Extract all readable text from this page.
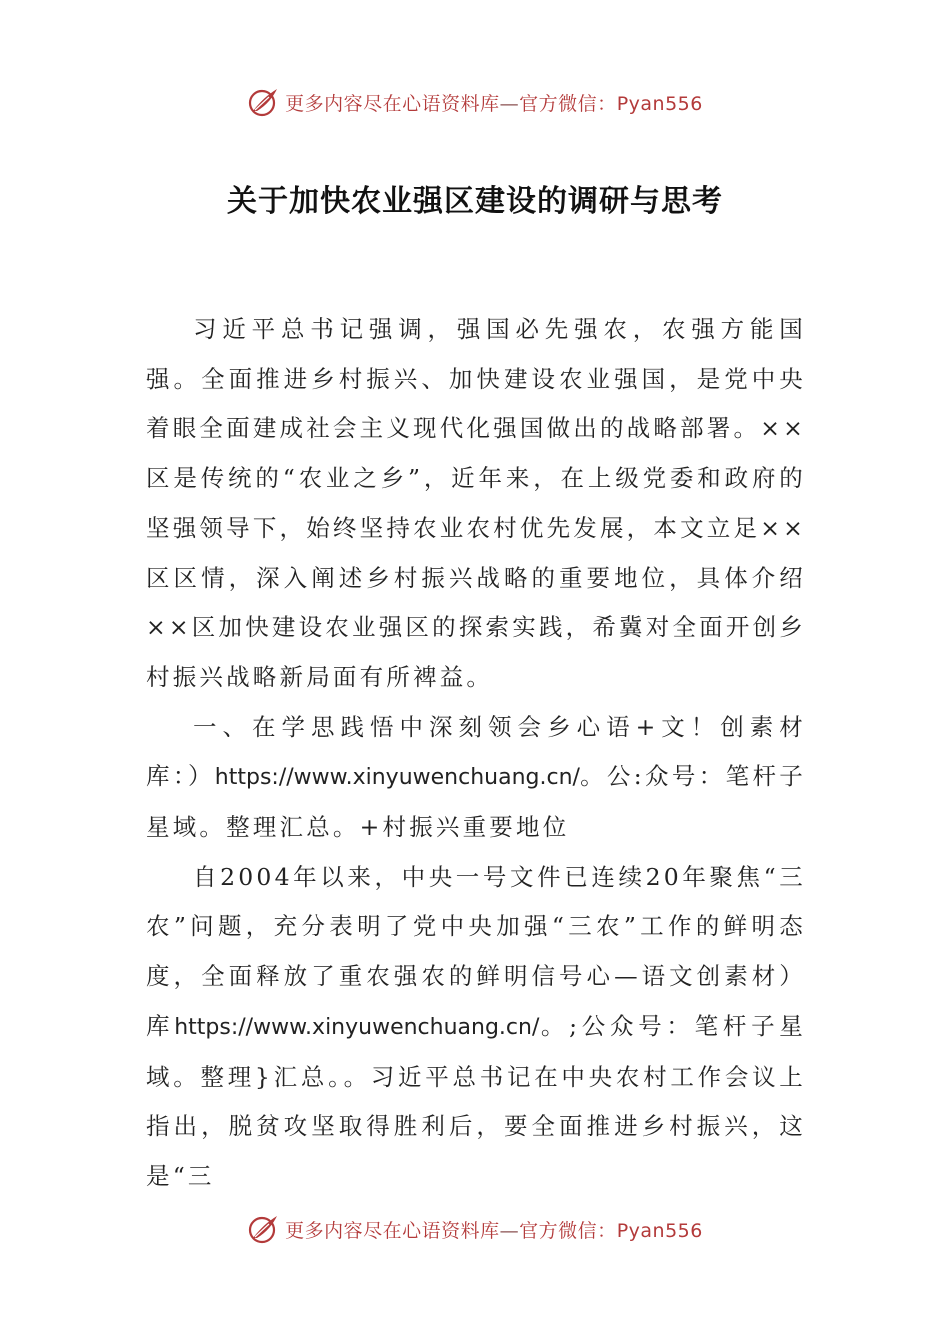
更多内容尽在心语资料库—官方微信：Pyan556
关于加快农业强区建设的调研与思考

习近平总书记强调，强国必先强农，农强方能国强。全面推进乡村振兴、加快建设农业强国，是党中央着眼全面建成社会主义现代化强国做出的战略部署。××区是传统的“农业之乡”，近年来，在上级党委和政府的坚强领导下，始终坚持农业农村优先发展，本文立足××区区情，深入阐述乡村振兴战略的重要地位，具体介绍××区加快建设农业强区的探索实践，希冀对全面开创乡村振兴战略新局面有所裨益。

一、在学思践悟中深刻领会乡心语+文！创素材库：）https://www.xinyuwenchuang.cn/。公:众号：笔杆子星域。整理汇总。+村振兴重要地位

自2004年以来，中央一号文件已连续20年聚焦“三农”问题，充分表明了党中央加强“三农”工作的鲜明态度，全面释放了重农强农的鲜明信号心—语文创素材）库https://www.xinyuwenchuang.cn/。;公众号：笔杆子星域。整理}汇总。。习近平总书记在中央农村工作会议上指出，脱贫攻坚取得胜利后，要全面推进乡村振兴，这是“三

更多内容尽在心语资料库—官方微信：Pyan556
